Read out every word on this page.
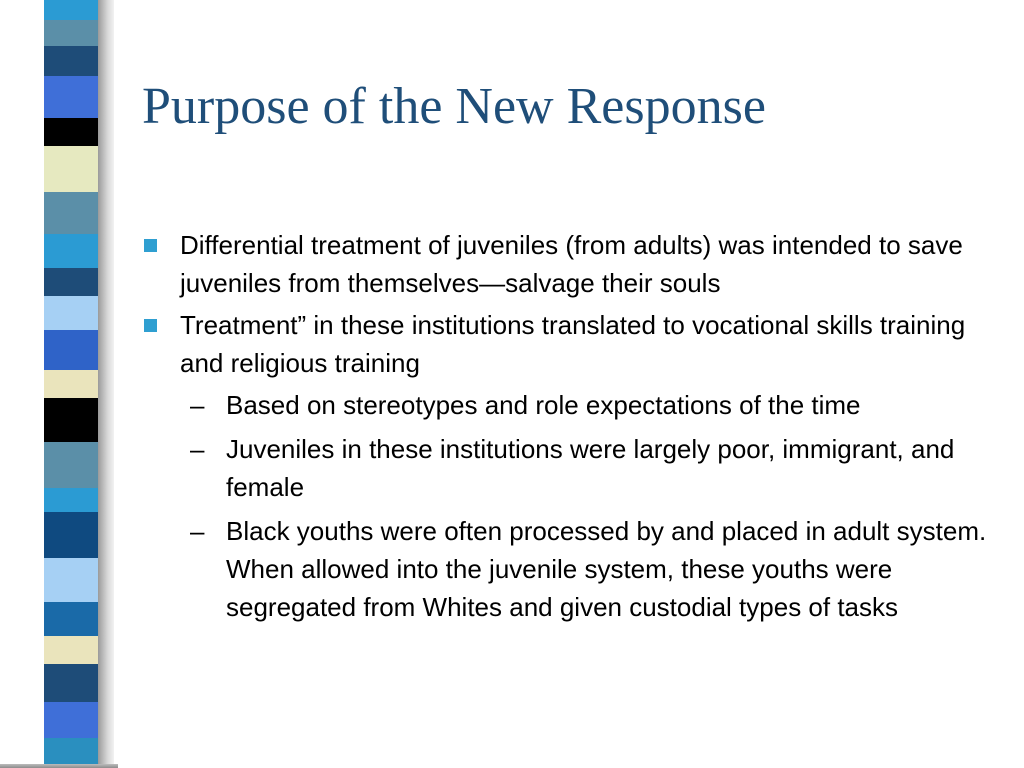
Purpose of the New Response
Differential treatment of juveniles (from adults) was intended to save juveniles from themselves—salvage their souls
Treatment” in these institutions translated to vocational skills training and religious training
– Based on stereotypes and role expectations of the time
– Juveniles in these institutions were largely poor, immigrant, and female
– Black youths were often processed by and placed in adult system. When allowed into the juvenile system, these youths were segregated from Whites and given custodial types of tasks
